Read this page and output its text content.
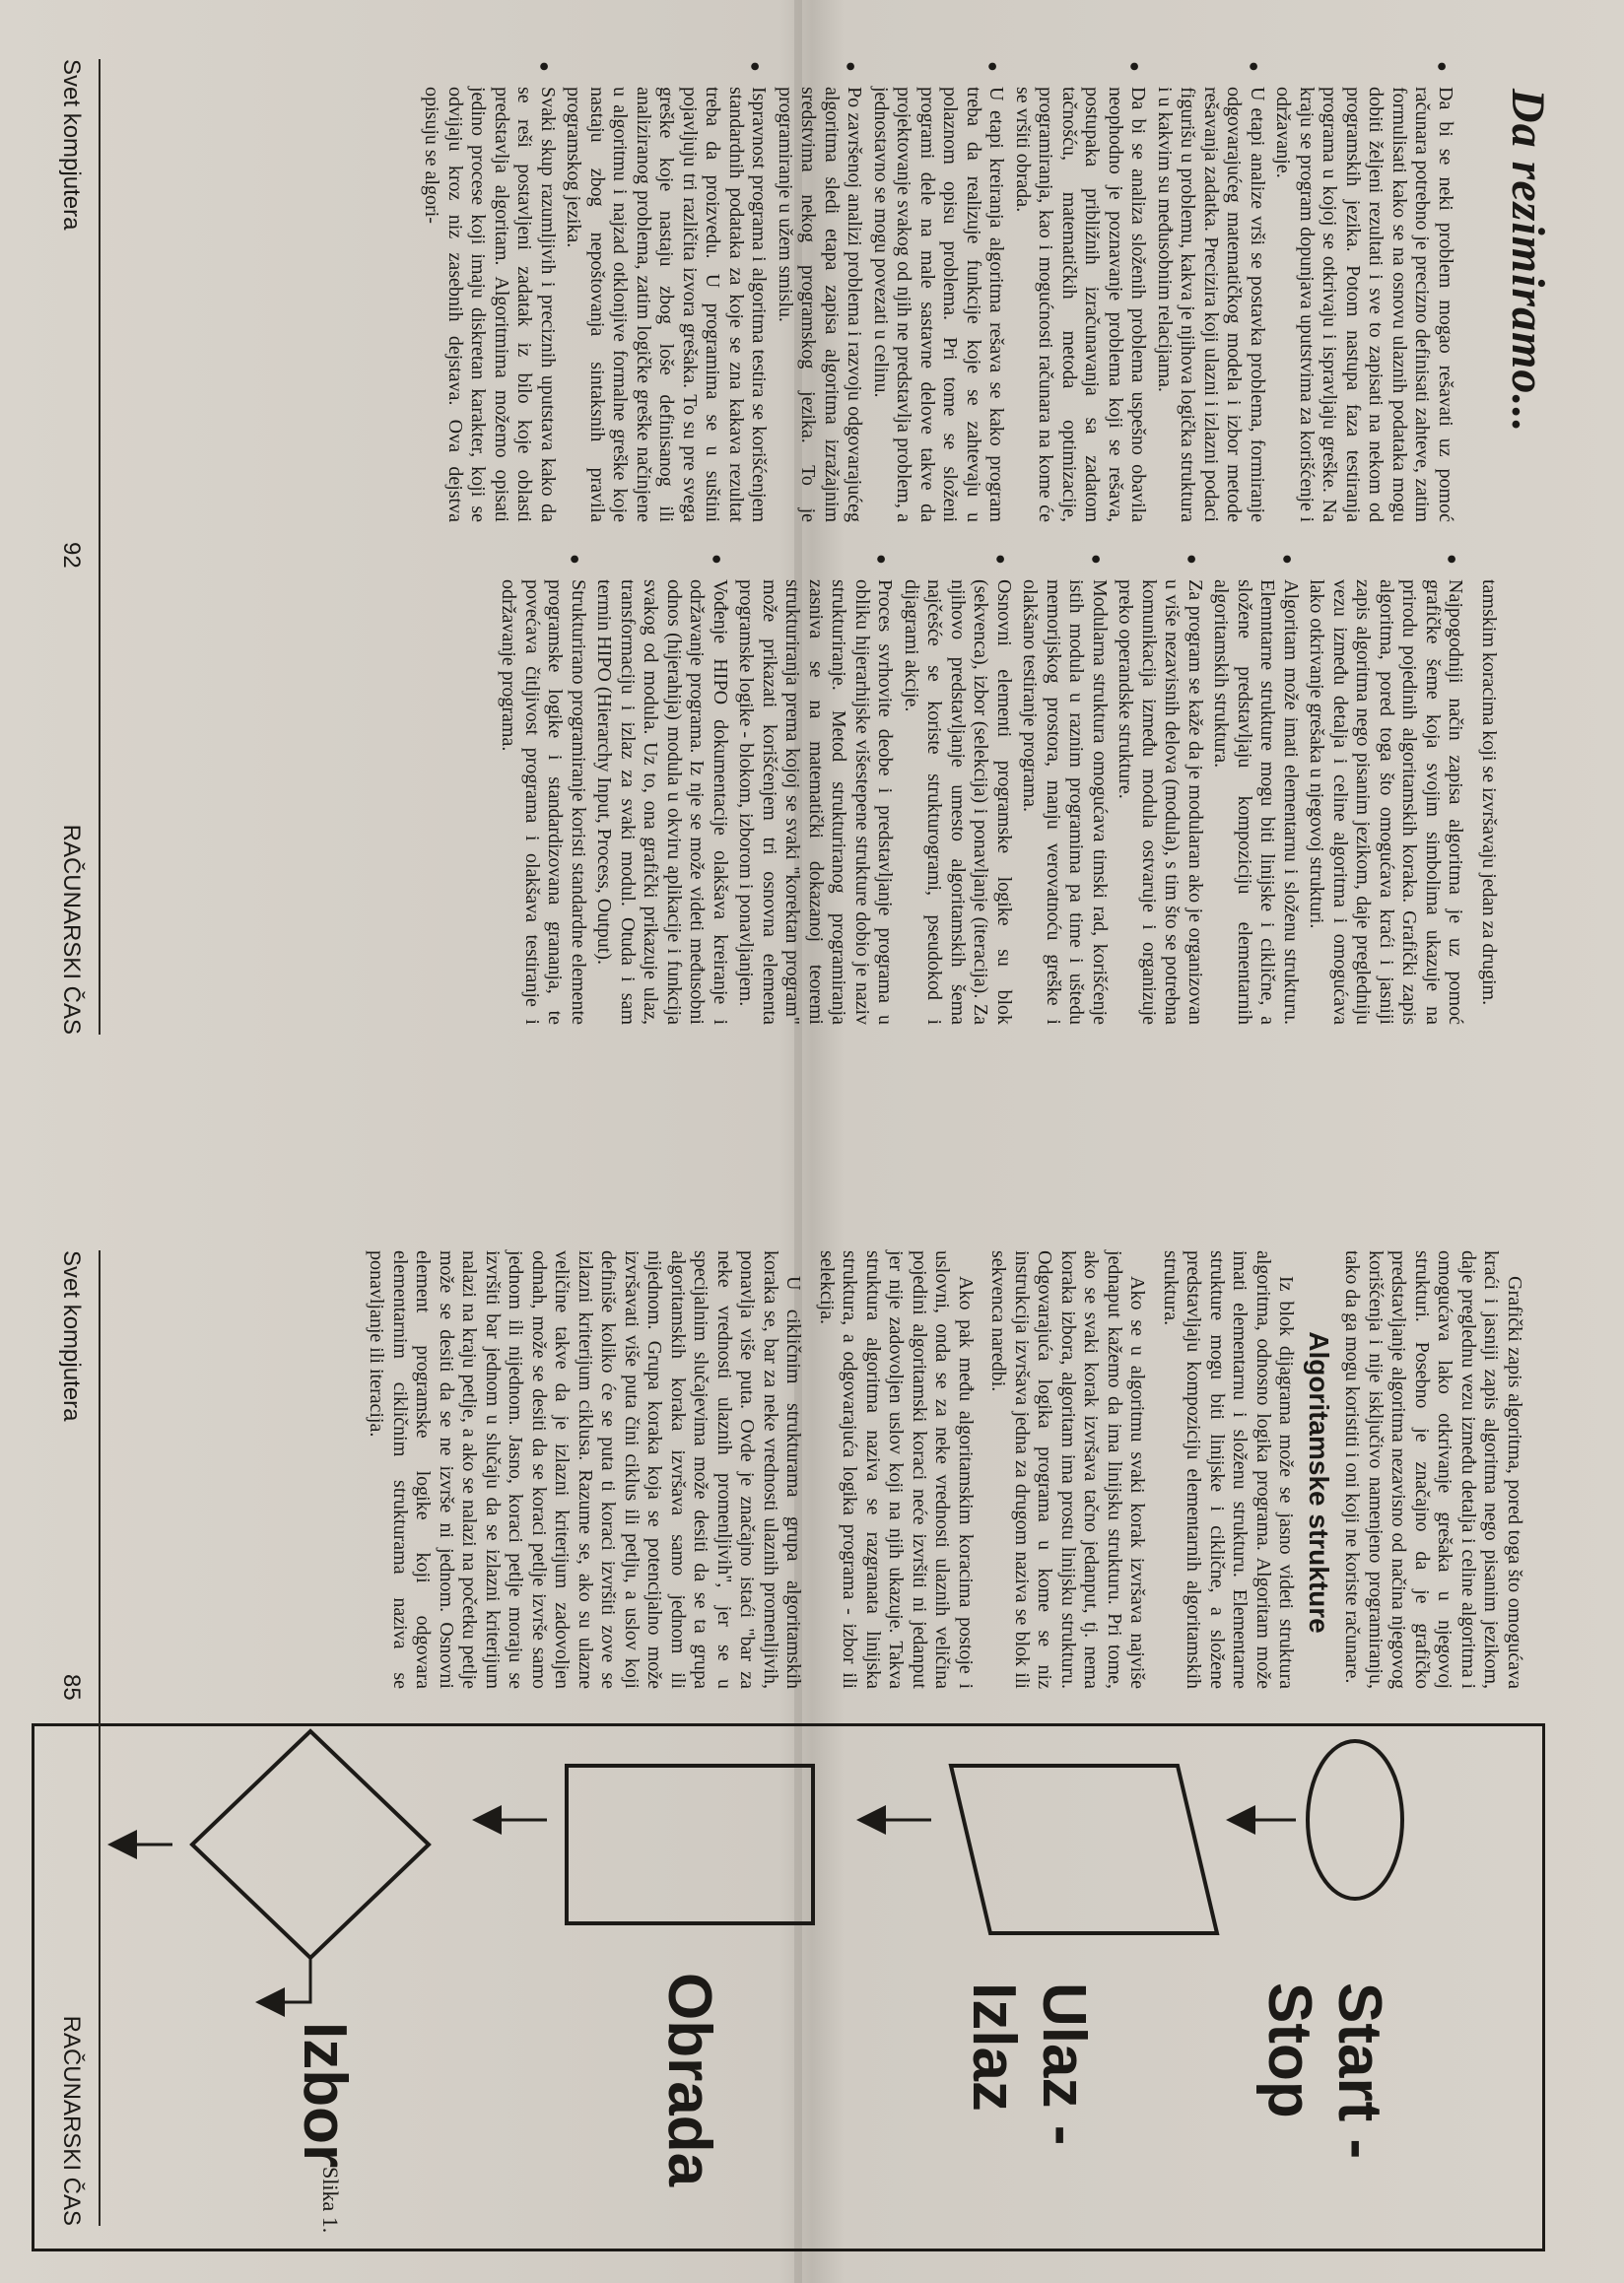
Da rezimiramo...
●
Da bi se neki problem mogao rešavati uz pomoć računara potrebno je precizno definisati zahteve, zatim formulisati kako se na osnovu ulaznih podataka mogu dobiti željeni rezultati i sve to zapisati na nekom od programskih jezika. Potom nastupa faza testiranja programa u kojoj se otkrivaju i ispravljaju greške. Na kraju se program dopunjava uputstvima za korišćenje i održavanje.
●
U etapi analize vrši se postavka problema, formiranje odgovarajućeg matematičkog modela i izbor metode rešavanja zadatka. Precizira koji ulazni i izlazni podaci figurišu u problemu, kakva je njihova logička struktura i u kakvim su međusobnim relacijama.
●
Da bi se analiza složenih problema uspešno obavila neophodno je poznavanje problema koji se rešava, postupaka približnih izračunavanja sa zadatom tačnošću, matematičkih metoda optimizacije, programiranja, kao i mogućnosti računara na kome će se vršiti obrada.
●
U etapi kreiranja algoritma rešava se kako program treba da realizuje funkcije koje se zahtevaju u polaznom opisu problema. Pri tome se složeni programi dele na male sastavne delove takve da projektovanje svakog od njih ne predstavlja problem, a jednostavno se mogu povezati u celinu.
●
Po završenoj analizi problema i razvoju odgovarajućeg algoritma sledi etapa zapisa algoritma izražajnim sredstvima nekog programskog jezika. To je programiranje u užem smislu.
●
Ispravnost programa i algoritma testira se korišćenjem standardnih podataka za koje se zna kakava rezultat treba da proizvedu. U programima se u suštini pojavljuju tri različita izvora grešaka. To su pre svega greške koje nastaju zbog loše definisanog ili analiziranog problema, zatim logičke greške načinjene u algoritmu i najzad otklonjive formalne greške koje nastaju zbog nepoštovanja sintaksnih pravila programskog jezika.
●
Svaki skup razumljivih i preciznih uputstava kako da se reši postavljeni zadatak iz bilo koje oblasti predstavlja algoritam. Algoritmima možemo opisati jedino procese koji imaju diskretan karakter, koji se odvijaju kroz niz zasebnih dejstava. Ova dejstva opisuju se algori-

tamskim koracima koji se izvršavaju jedan za drugim.

●
Najpogodniji način zapisa algoritma je uz pomoć grafičke šeme koja svojim simbolima ukazuje na prirodu pojedinih algoritamskih koraka. Grafički zapis algoritma, pored toga što omogućava kraći i jasniji zapis algoritma nego pisanim jezikom, daje pregledniju vezu između detalja i celine algoritma i omogućava lako otkrivanje grešaka u njegovoj strukturi.
●
Algoritam može imati elementarnu i složenu strukturu. Elemntarne strukture mogu biti linijske i ciklične, a složene predstavljaju kompoziciju elementarnih algoritamskih struktura.
●
Za program se kaže da je modularan ako je organizovan u više nezavisnih delova (modula), s tim što se potrebna komunikacija između modula ostvaruje i organizuje preko operandske strukture.
●
Modularna struktura omogućava timski rad, korišćenje istih modula u raznim programima pa time i uštedu memorijskog prostora, manju verovatnoću greške i olakšano testiranje programa.
●
Osnovni elementi programske logike su blok (sekvenca), izbor (selekcija) i ponavljanje (iteracija). Za njihovo predstavljanje umesto algoritamskih šema najčešće se koriste strukturogrami, pseudokod i dijagrami akcije.
●
Proces svrhovite deobe i predstavljanje programa u obliku hijerarhijske višestepene strukture dobio je naziv strukturiranje. Metod strukturiranog programiranja zasniva se na matematički dokazanoj teoremi strukturiranja prema kojoj se svaki "korektan program" može prikazati korišćenjem tri osnovna elementa programske logike - blokom, izborom i ponavljanjem.
●
Vođenje HIPO dokumentacije olakšava kreiranje i održavanje programa. Iz nje se može videti međusobni odnos (hijerahija) modula u okviru aplikacije i funkcija svakog od modula. Uz to, ona grafički prikazuje ulaz, transformaciju i izlaz za svaki modul. Otuda i sam termin HIPO (Hierarchy Input, Process, Output).
●
Strukturirano programiranje koristi standardne elemente programske logike i standardizovana grananja, te povećava čitljivost programa i olakšava testiranje i održavanje programa.
Svet kompjutera
92
RAČUNARSKI ČAS

Grafički zapis algoritma, pored toga što omogućava kraći i jasniji zapis algoritma nego pisanim jezikom, daje preglednu vezu između detalja i celine algoritma i omogućava lako otkrivanje grešaka u njegovoj strukturi. Posebno je značajno da je grafičko predstavljanje algoritma nezavisno od načina njegovog korišćenja i nije isključivo namenjeno programiranju, tako da ga mogu koristiti i oni koji ne koriste računare.

Algoritamske strukture

Iz blok dijagrama može se jasno videti struktura algoritma, odnosno logika programa. Algoritam može imati elementarnu i složenu strukturu. Elementarne strukture mogu biti linijske i ciklične, a složene predstavljaju kompoziciju elementarnih algoritamskih struktura.

Ako se u algoritmu svaki korak izvršava najviše jednaput kažemo da ima linijsku strukturu. Pri tome, ako se svaki korak izvršava tačno jedanput, tj. nema koraka izbora, algoritam ima prostu linijsku strukturu. Odgovarajuća logika programa u kome se niz instrukcija izvršava jedna za drugom naziva se blok ili sekvenca naredbi.

Ako pak među algoritamskim koracima postoje i uslovni, onda se za neke vrednosti ulaznih veličina pojedini algoritamski koraci neće izvršiti ni jedanput jer nije zadovoljen uslov koji na njih ukazuje. Takva struktura algoritma naziva se razgranata linijska struktura, a odgovarajuća logika programa - izbor ili selekcija.

U cikličnim strukturama grupa algoritamskih koraka se, bar za neke vrednosti ulaznih promenljivih, ponavlja više puta. Ovde je značajno istaći "bar za neke vrednosti ulaznih promenljivih", jer se u specijalnim slučajevima može desiti da se ta grupa algoritamskih koraka izvršava samo jednom ili nijednom. Grupa koraka koja se potencijalno može izvršavati više puta čini ciklus ili petlju, a uslov koji definiše koliko će se puta ti koraci izvršiti zove se izlazni kriterijum ciklusa. Razume se, ako su ulazne veličine takve da je izlazni kriterijum zadovoljen odmah, može se desiti da se koraci petlje izvrše samo jednom ili nijednom. Jasno, koraci petlje moraju se izvršiti bar jednom u slučaju da se izlazni kriterijum nalazi na kraju petlje, a ako se nalazi na početku petlje može se desiti da se ne izvrše ni jednom. Osnovni element programske logike koji odgovara elementarnim cikličnim strukturama naziva se ponavljanje ili iteracija.

Start - Stop
Ulaz - Izlaz
Obrada
Izbor
Slika 1.
Svet kompjutera
85
RAČUNARSKI ČAS
